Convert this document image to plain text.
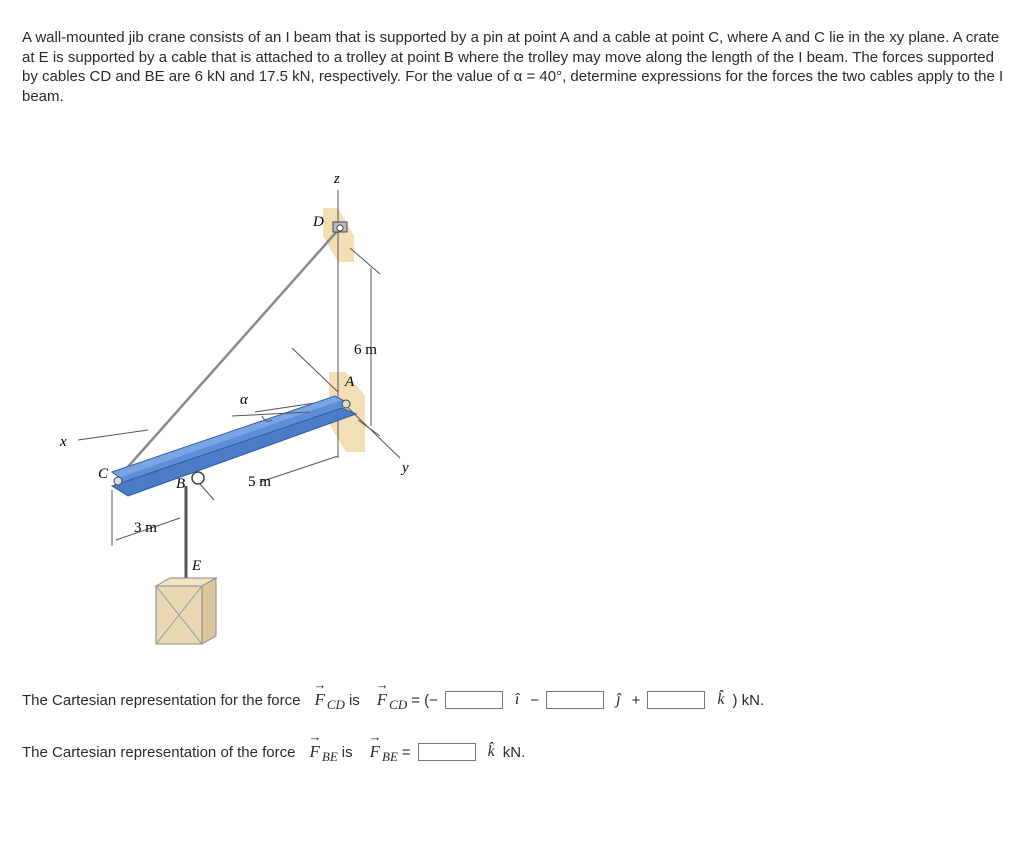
A wall-mounted jib crane consists of an I beam that is supported by a pin at point A and a cable at point C, where A and C lie in the xy plane. A crate at E is supported by a cable that is attached to a trolley at point B where the trolley may move along the length of the I beam. The forces supported by cables CD and BE are 6 kN and 17.5 kN, respectively. For the value of α = 40°, determine expressions for the forces the two cables apply to the I beam.

z
x
y
D
A
C
B
E
α
6 m
5 m
3 m
The Cartesian representation for the force
→
F $_{CD}$ is
→
F $_{CD}$ = (−	î −	ĵ +	k̂ ) kN.
The Cartesian representation of the force
→
F $_{BE}$ is
→
F $_{BE}$ =	k̂ kN.
